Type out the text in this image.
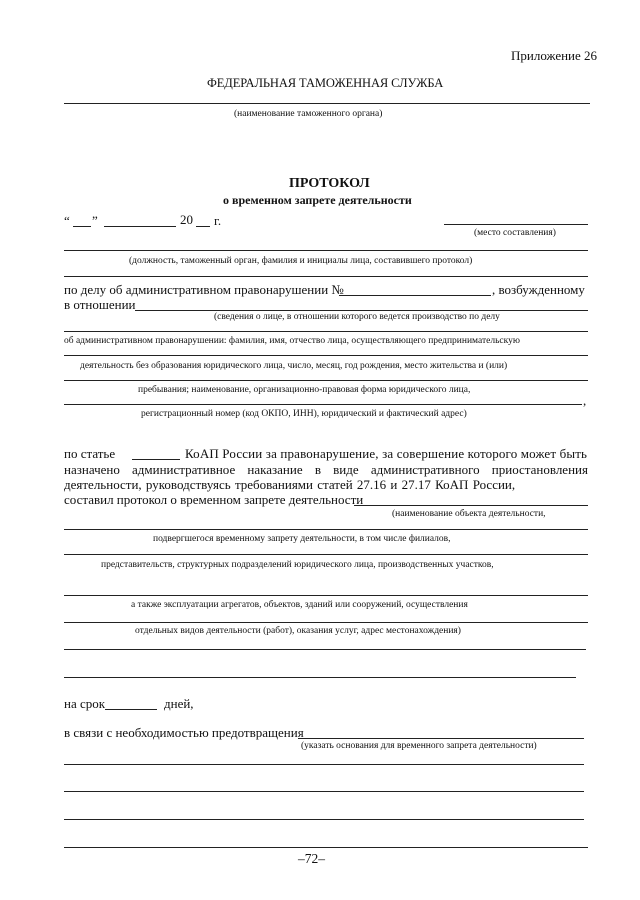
Приложение 26
ФЕДЕРАЛЬНАЯ ТАМОЖЕННАЯ СЛУЖБА
(наименование таможенного органа)
ПРОТОКОЛ
о временном запрете деятельности
“ ”	20 г.
(место составления)
(должность, таможенный орган, фамилия и инициалы лица, составившего протокол)
по делу об административном правонарушении №	, возбужденному
в отношении
(сведения о лице, в отношении которого ведется производство по делу
об административном правонарушении: фамилия, имя, отчество лица, осуществляющего предпринимательскую
деятельность без образования юридического лица, число, месяц, год рождения, место жительства и (или)
пребывания; наименование, организационно-правовая форма юридического лица,
,
регистрационный номер (код ОКПО, ИНН), юридический и фактический адрес)
по статье	КоАП России за правонарушение, за совершение которого может быть
назначено административное наказание в виде административного приостановления
деятельности, руководствуясь требованиями статей 27.16 и 27.17 КоАП России,
составил протокол о временном запрете деятельности
(наименование объекта деятельности,
подвергшегося временному запрету деятельности, в том числе филиалов,
представительств, структурных подразделений юридического лица, производственных участков,
а также эксплуатации агрегатов, объектов, зданий или сооружений, осуществления
отдельных видов деятельности (работ), оказания услуг, адрес местонахождения)
на срок	дней,
в связи с необходимостью предотвращения
(указать основания для временного запрета деятельности)
–72–
